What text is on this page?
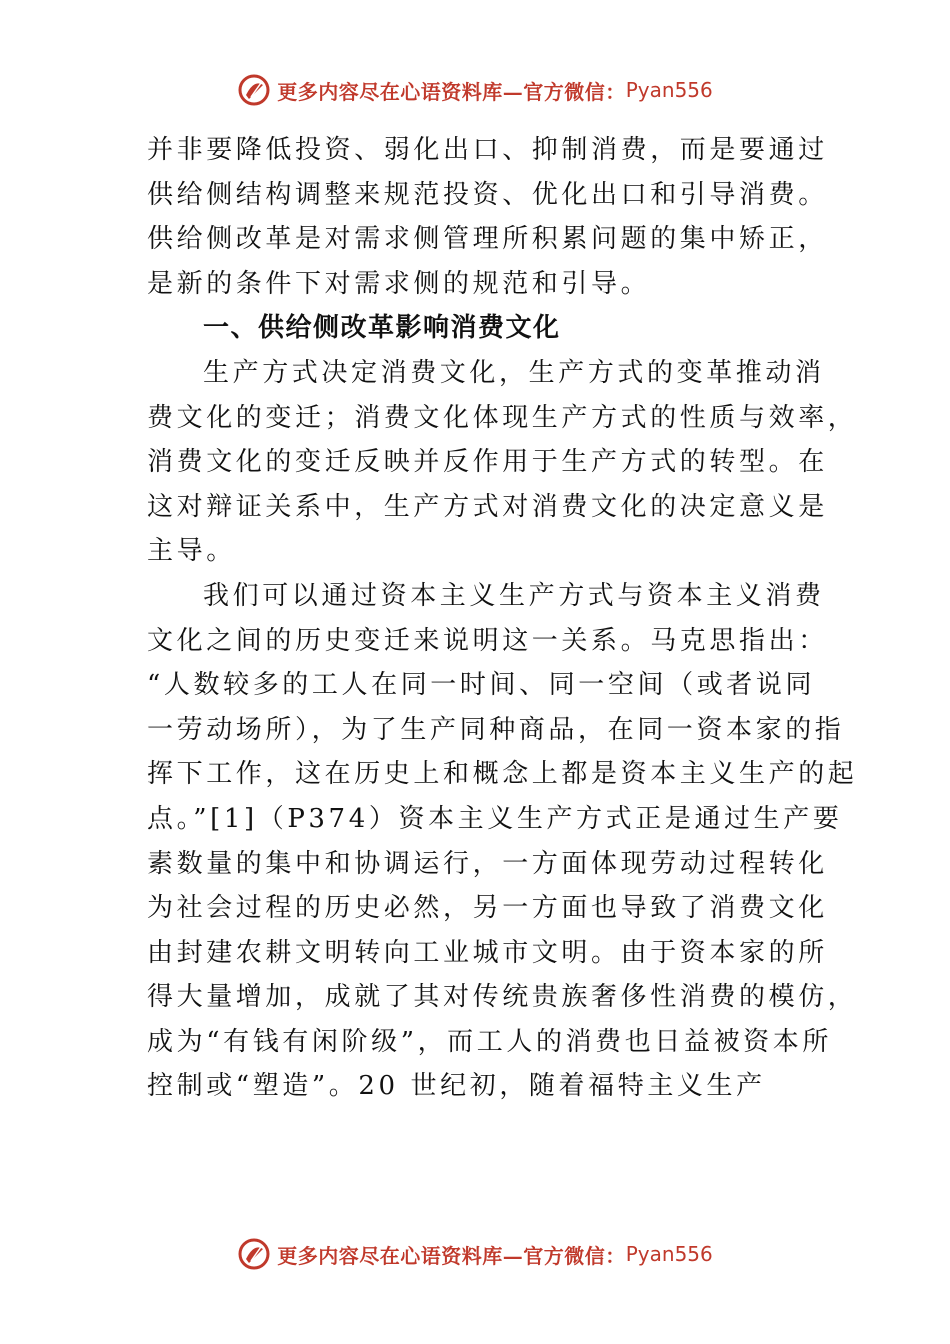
更多内容尽在心语资料库—官方微信： Pyan556
并非要降低投资、弱化出口、抑制消费，而是要通过
供给侧结构调整来规范投资、优化出口和引导消费。
供给侧改革是对需求侧管理所积累问题的集中矫正，
是新的条件下对需求侧的规范和引导。
一、供给侧改革影响消费文化
生产方式决定消费文化，生产方式的变革推动消
费文化的变迁；消费文化体现生产方式的性质与效率，
消费文化的变迁反映并反作用于生产方式的转型。在
这对辩证关系中，生产方式对消费文化的决定意义是
主导。
我们可以通过资本主义生产方式与资本主义消费
文化之间的历史变迁来说明这一关系。马克思指出：
“人数较多的工人在同一时间、同一空间（或者说同
一劳动场所），为了生产同种商品，在同一资本家的指
挥下工作，这在历史上和概念上都是资本主义生产的起
点。”[1]（P374）资本主义生产方式正是通过生产要
素数量的集中和协调运行，一方面体现劳动过程转化
为社会过程的历史必然，另一方面也导致了消费文化
由封建农耕文明转向工业城市文明。由于资本家的所
得大量增加，成就了其对传统贵族奢侈性消费的模仿，
成为“有钱有闲阶级”，而工人的消费也日益被资本所
控制或“塑造”。20 世纪初，随着福特主义生产
更多内容尽在心语资料库—官方微信： Pyan556
